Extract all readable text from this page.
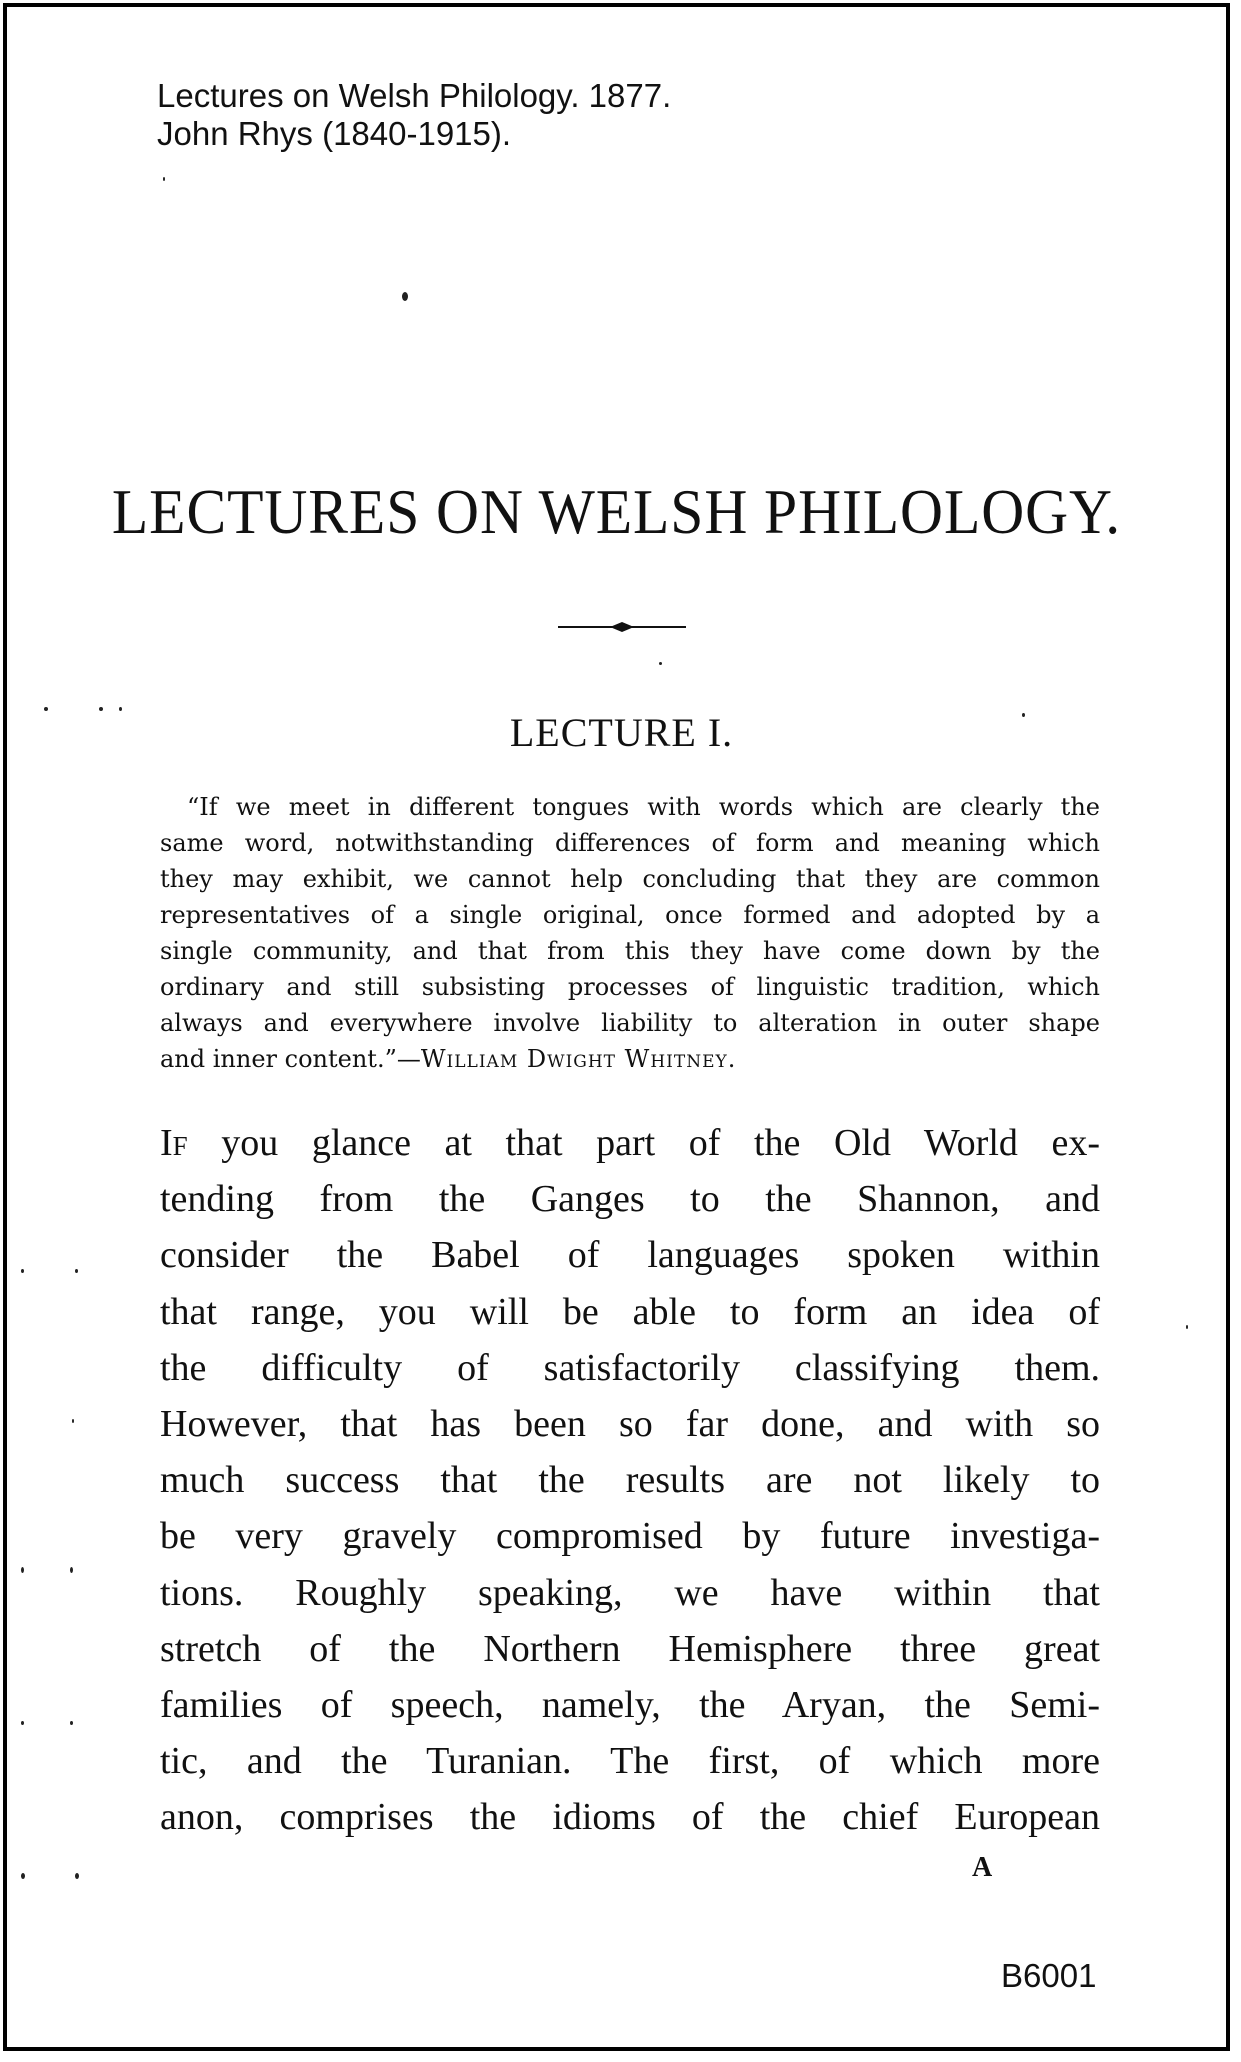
Lectures on Welsh Philology. 1877.
John Rhys (1840-1915).
LECTURES ON WELSH PHILOLOGY.
LECTURE I.
“If we meet in different tongues with words which are clearly the
same word, notwithstanding differences of form and meaning which
they may exhibit, we cannot help concluding that they are common
representatives of a single original, once formed and adopted by a
single community, and that from this they have come down by the
ordinary and still subsisting processes of linguistic tradition, which
always and everywhere involve liability to alteration in outer shape
and inner content.”—William Dwight Whitney.
If you glance at that part of the Old World ex-
tending from the Ganges to the Shannon, and
consider the Babel of languages spoken within
that range, you will be able to form an idea of
the difficulty of satisfactorily classifying them.
However, that has been so far done, and with so
much success that the results are not likely to
be very gravely compromised by future investiga-
tions. Roughly speaking, we have within that
stretch of the Northern Hemisphere three great
families of speech, namely, the Aryan, the Semi-
tic, and the Turanian. The first, of which more
anon, comprises the idioms of the chief European
A
B6001
